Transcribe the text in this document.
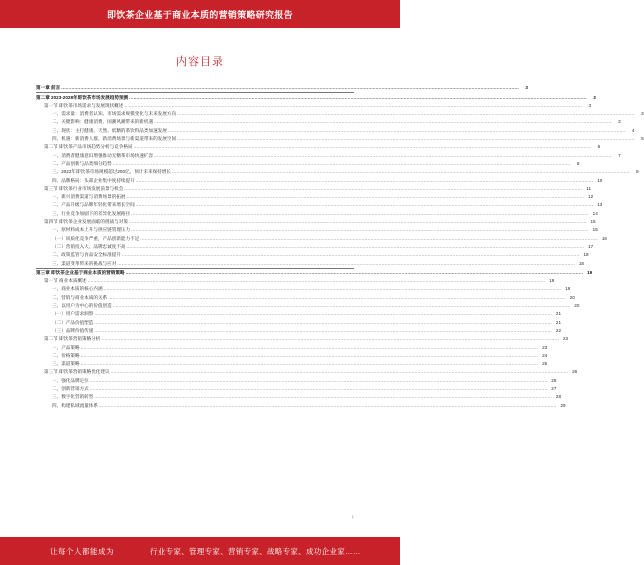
即饮茶企业基于商业本质的营销策略研究报告
内容目录
第一章 前言 .....	3
第二章 2023-2028年即饮茶市场发展趋势预测 .....	3
第一节 即饮茶市场需求与发展现状概述 .....	3
一、需求量：消费者认知、市场需求规模变化与未来发展方向 .....	3
二、关键影响：健康消费、国潮风潮带来的新机遇 .....	3
三、现状：主打健康、天然、低糖的茶饮料品类加速发展 .....	4
四、机遇：新消费人群、新消费场景与新渠道带来的发展空间 .....	5
第二节 即饮茶产品市场趋势分析与竞争格局 .....	6
一、消费者健康意识增强推动无糖茶市场快速扩容 .....	7
二、产品创新与品类细分趋势 .....	8
三、2022年即饮茶市场规模超过200亿，预计未来保持增长 .....	9
四、品牌格局：头部企业集中度持续提升 .....	10
第三节 即饮茶行业市场发展前景与机会 .....	11
一、新兴消费渠道与消费场景的拓展 .....	12
二、产品升级与品牌年轻化带来增长空间 .....	13
三、行业竞争加剧下的差异化发展路径 .....	14
第四节 即饮茶企业发展面临的挑战与对策 .....	15
一、原材料成本上升与供应链管理压力 .....	15
（一）同质化竞争严重，产品创新能力不足 .....	16
（二）营销投入大、品牌忠诚度不高 .....	17
二、政策监管与食品安全标准提升 .....	18
三、渠道变革带来的挑战与应对 .....	18
第三章 即饮茶企业基于商业本质的营销策略 .....	19
第一节 商业本质概述 .....	19
一、商业本质的核心内涵 .....	19
二、营销与商业本质的关系 .....	20
三、以用户为中心的价值创造 .....	20
（一）用户需求洞察 .....	21
（二）产品价值塑造 .....	21
（三）品牌价值传递 .....	22
第二节 即饮茶营销策略分析 .....	23
一、产品策略 .....	23
二、价格策略 .....	24
三、渠道策略 .....	25
第三节 即饮茶营销策略优化建议 .....	26
一、强化品牌定位 .....	26
二、创新营销方式 .....	27
三、数字化营销转型 .....	28
四、构建私域流量体系 .....	29
1
让每个人都能成为	行业专家、管理专家、营销专家、战略专家、成功企业家……
